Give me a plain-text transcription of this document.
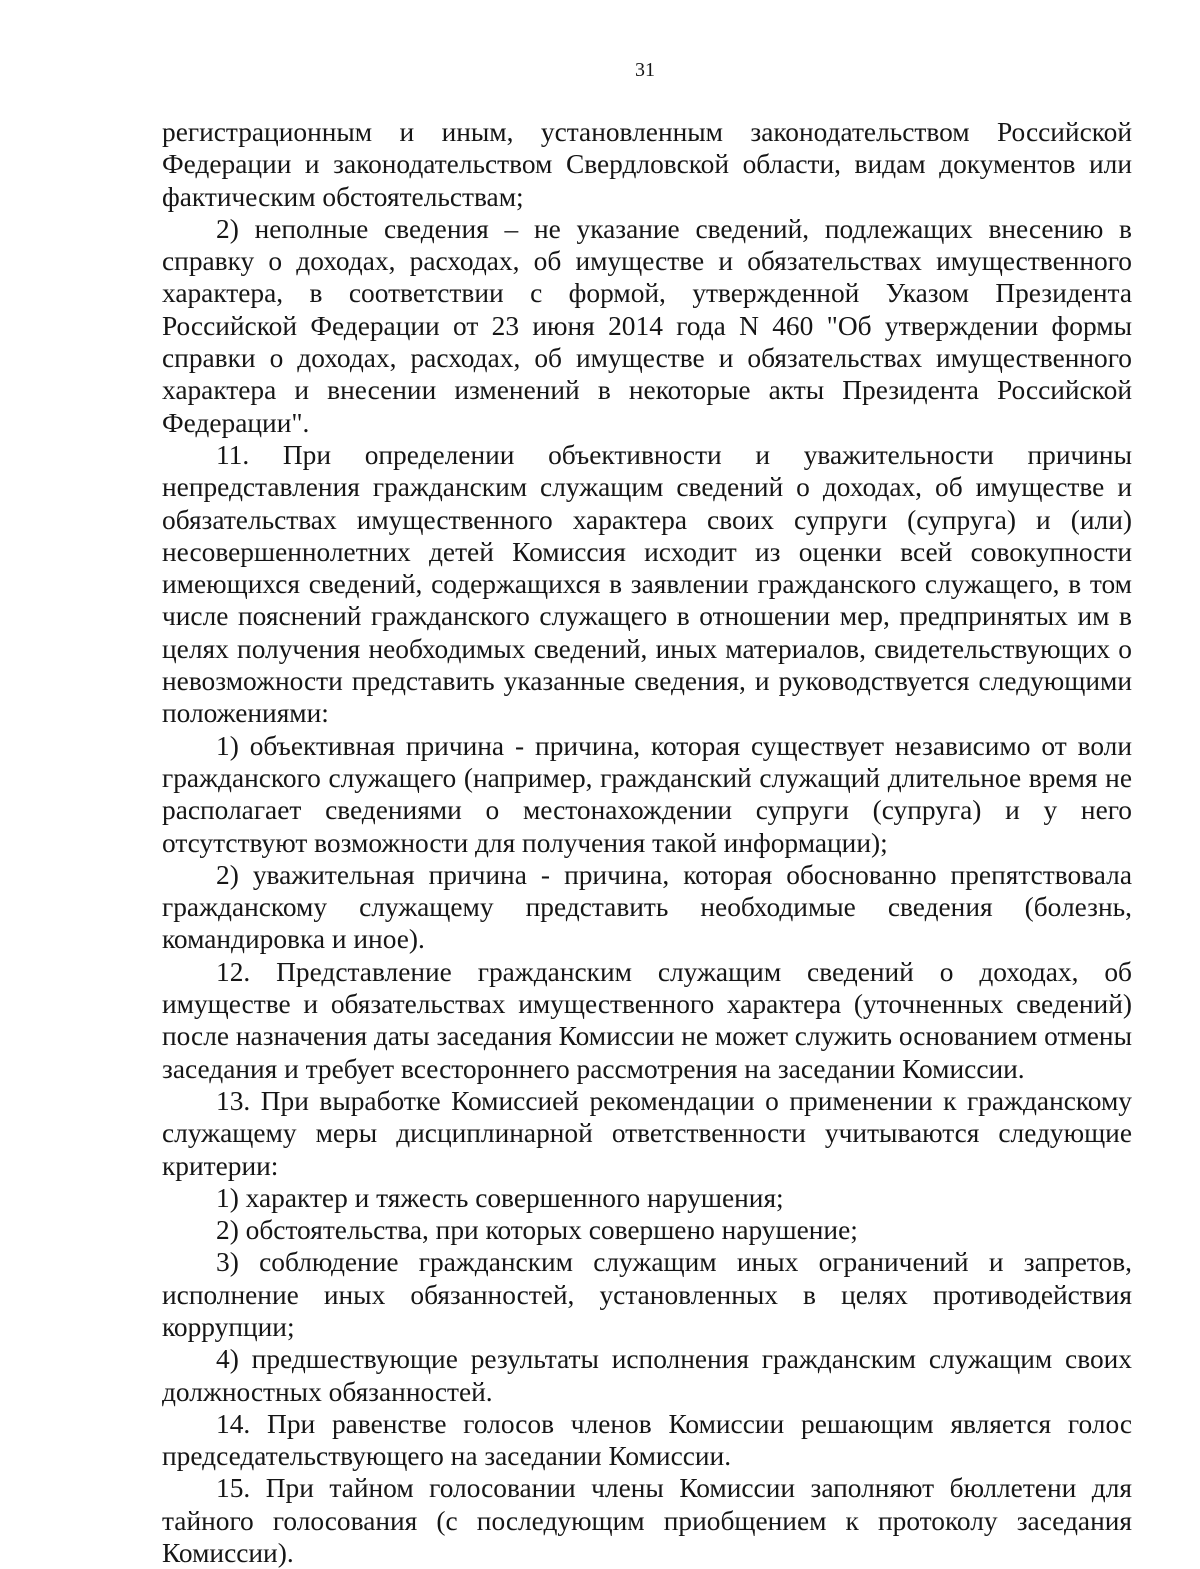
31

регистрационным и иным, установленным законодательством Российской Федерации и законодательством Свердловской области, видам документов или фактическим обстоятельствам;

2) неполные сведения – не указание сведений, подлежащих внесению в справку о доходах, расходах, об имуществе и обязательствах имущественного характера, в соответствии с формой, утвержденной Указом Президента Российской Федерации от 23 июня 2014 года N 460 "Об утверждении формы справки о доходах, расходах, об имуществе и обязательствах имущественного характера и внесении изменений в некоторые акты Президента Российской Федерации".

11. При определении объективности и уважительности причины непредставления гражданским служащим сведений о доходах, об имуществе и обязательствах имущественного характера своих супруги (супруга) и (или) несовершеннолетних детей Комиссия исходит из оценки всей совокупности имеющихся сведений, содержащихся в заявлении гражданского служащего, в том числе пояснений гражданского служащего в отношении мер, предпринятых им в целях получения необходимых сведений, иных материалов, свидетельствующих о невозможности представить указанные сведения, и руководствуется следующими положениями:

1) объективная причина - причина, которая существует независимо от воли гражданского служащего (например, гражданский служащий длительное время не располагает сведениями о местонахождении супруги (супруга) и у него отсутствуют возможности для получения такой информации);

2) уважительная причина - причина, которая обоснованно препятствовала гражданскому служащему представить необходимые сведения (болезнь, командировка и иное).

12. Представление гражданским служащим сведений о доходах, об имуществе и обязательствах имущественного характера (уточненных сведений) после назначения даты заседания Комиссии не может служить основанием отмены заседания и требует всестороннего рассмотрения на заседании Комиссии.

13. При выработке Комиссией рекомендации о применении к гражданскому служащему меры дисциплинарной ответственности учитываются следующие критерии:

1) характер и тяжесть совершенного нарушения;

2) обстоятельства, при которых совершено нарушение;

3) соблюдение гражданским служащим иных ограничений и запретов, исполнение иных обязанностей, установленных в целях противодействия коррупции;

4) предшествующие результаты исполнения гражданским служащим своих должностных обязанностей.

14. При равенстве голосов членов Комиссии решающим является голос председательствующего на заседании Комиссии.

15. При тайном голосовании члены Комиссии заполняют бюллетени для тайного голосования (с последующим приобщением к протоколу заседания Комиссии).
